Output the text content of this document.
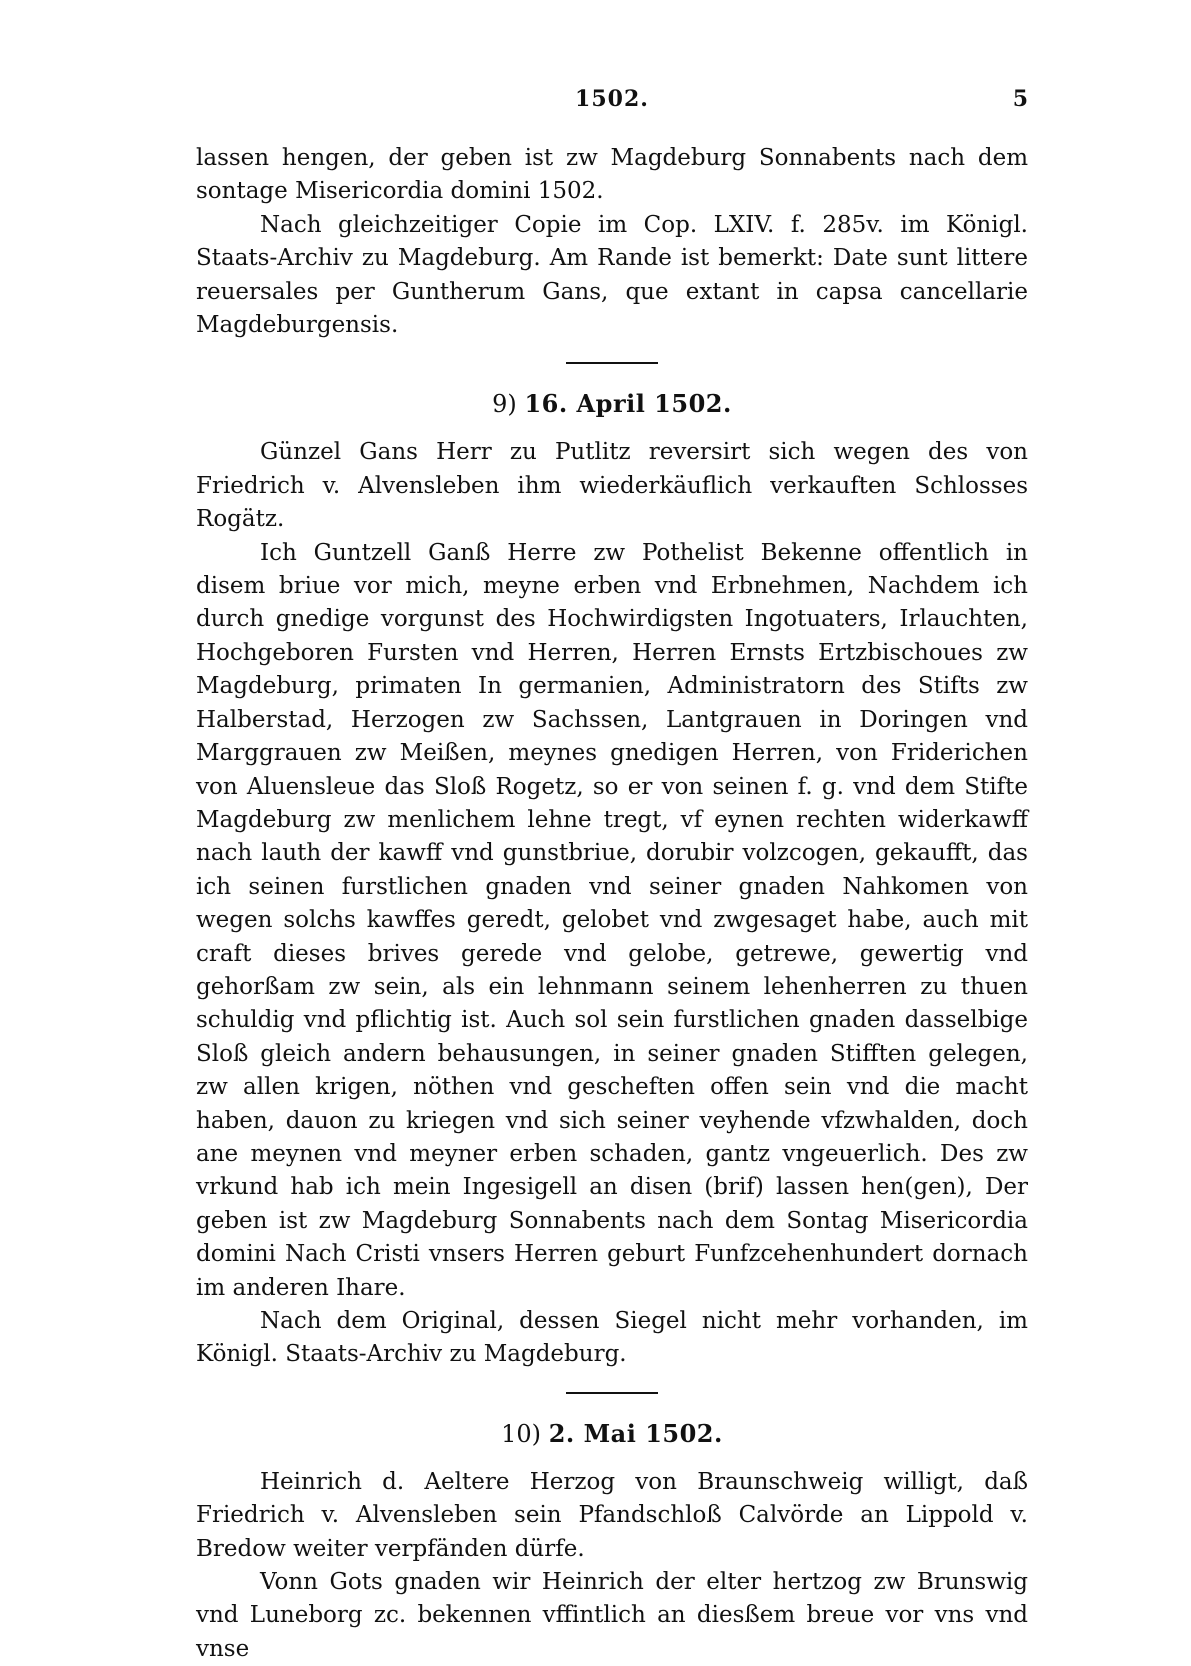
1502.	5

lassen hengen, der geben ist zw Magdeburg Sonnabents nach dem sontage Misericordia domini 1502.

Nach gleichzeitiger Copie im Cop. LXIV. f. 285v. im Königl. Staats-Archiv zu Magdeburg. Am Rande ist bemerkt: Date sunt littere reuersales per Guntherum Gans, que extant in capsa cancellarie Magdeburgensis.

9) 16. April 1502.

Günzel Gans Herr zu Putlitz reversirt sich wegen des von Friedrich v. Alvensleben ihm wiederkäuflich verkauften Schlosses Rogätz.

Ich Guntzell Ganß Herre zw Pothelist Bekenne offentlich in disem briue vor mich, meyne erben vnd Erbnehmen, Nachdem ich durch gnedige vorgunst des Hochwirdigsten Ingotuaters, Irlauchten, Hochgeboren Fursten vnd Herren, Herren Ernsts Ertzbischoues zw Magdeburg, primaten In germanien, Administratorn des Stifts zw Halberstad, Herzogen zw Sachssen, Lantgrauen in Doringen vnd Marggrauen zw Meißen, meynes gnedigen Herren, von Friderichen von Aluensleue das Sloß Rogetz, so er von seinen f. g. vnd dem Stifte Magdeburg zw menlichem lehne tregt, vf eynen rechten widerkawff nach lauth der kawff vnd gunstbriue, dorubir volzcogen, gekaufft, das ich seinen furstlichen gnaden vnd seiner gnaden Nahkomen von wegen solchs kawffes geredt, gelobet vnd zwgesaget habe, auch mit craft dieses brives gerede vnd gelobe, getrewe, gewertig vnd gehorßam zw sein, als ein lehnmann seinem lehenherren zu thuen schuldig vnd pflichtig ist. Auch sol sein furstlichen gnaden dasselbige Sloß gleich andern behausungen, in seiner gnaden Stifften gelegen, zw allen krigen, nöthen vnd gescheften offen sein vnd die macht haben, dauon zu kriegen vnd sich seiner veyhende vfzwhalden, doch ane meynen vnd meyner erben schaden, gantz vngeuerlich. Des zw vrkund hab ich mein Ingesigell an disen (brif) lassen hen(gen), Der geben ist zw Magdeburg Sonnabents nach dem Sontag Misericordia domini Nach Cristi vnsers Herren geburt Funfzcehenhundert dornach im anderen Ihare.

Nach dem Original, dessen Siegel nicht mehr vorhanden, im Königl. Staats-Archiv zu Magdeburg.

10) 2. Mai 1502.

Heinrich d. Aeltere Herzog von Braunschweig willigt, daß Friedrich v. Alvensleben sein Pfandschloß Calvörde an Lippold v. Bredow weiter verpfänden dürfe.

Vonn Gots gnaden wir Heinrich der elter hertzog zw Brunswig vnd Luneborg zc. bekennen vffintlich an diesßem breue vor vns vnd vnse
